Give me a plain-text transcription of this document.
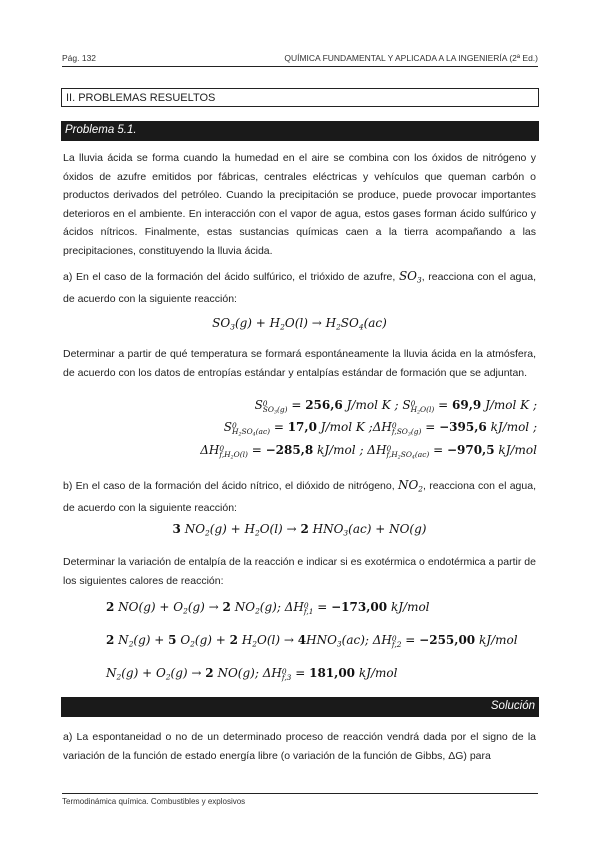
Pág. 132	QUÍMICA FUNDAMENTAL Y APLICADA A LA INGENIERÍA (2ª Ed.)
II. PROBLEMAS RESUELTOS
Problema 5.1.

La lluvia ácida se forma cuando la humedad en el aire se combina con los óxidos de nitrógeno y óxidos de azufre emitidos por fábricas, centrales eléctricas y vehículos que queman carbón o productos derivados del petróleo. Cuando la precipitación se produce, puede provocar importantes deterioros en el ambiente. En interacción con el vapor de agua, estos gases forman ácido sulfúrico y ácidos nítricos. Finalmente, estas sustancias químicas caen a la tierra acompañando a las precipitaciones, constituyendo la lluvia ácida.

a) En el caso de la formación del ácido sulfúrico, el trióxido de azufre, $SO_3$, reacciona con el agua, de acuerdo con la siguiente reacción:

$SO_3(g) + H_2O(l) \to H_2SO_4(ac)$

Determinar a partir de qué temperatura se formará espontáneamente la lluvia ácida en la atmósfera, de acuerdo con los datos de entropías estándar y entalpías estándar de formación que se adjuntan.

S0
$SO_3(g) = 256,6$ J/mol K ; S0
$H_2O(l) = 69,9$ J/mol K ;
S0
$H_2SO_4(ac) = 17,0$ J/mol K ;ΔH0
$f,SO_3(g) = -395,6$ kJ/mol ;
ΔH0
$f,H_2O(l) = -285,8$ kJ/mol ; ΔH0
$f,H_2SO_4(ac) = -970,5$ kJ/mol

b) En el caso de la formación del ácido nítrico, el dióxido de nitrógeno, $NO_2$, reacciona con el agua, de acuerdo con la siguiente reacción:

3 $NO_2(g) + H_2O(l) \to 2$ $HNO_3(ac) + NO(g)$

Determinar la variación de entalpía de la reacción e indicar si es exotérmica o endotérmica a partir de los siguientes calores de reacción:

2 $NO(g) + O_2(g) \to 2$ $NO_2(g)$; ΔH0
f,1 = −173,00 kJ/mol
2 $N_2(g) + 5$ $O_2(g) + 2$ $H_2O(l) \to 4HNO_3(ac)$; ΔH0
f,2 = −255,00 kJ/mol
$N_2(g) + O_2(g) \to 2$ NO(g); ΔH0
f,3 = 181,00 kJ/mol
Solución

a) La espontaneidad o no de un determinado proceso de reacción vendrá dada por el signo de la variación de la función de estado energía libre (o variación de la función de Gibbs, ΔG) para

Termodinámica química. Combustibles y explosivos
